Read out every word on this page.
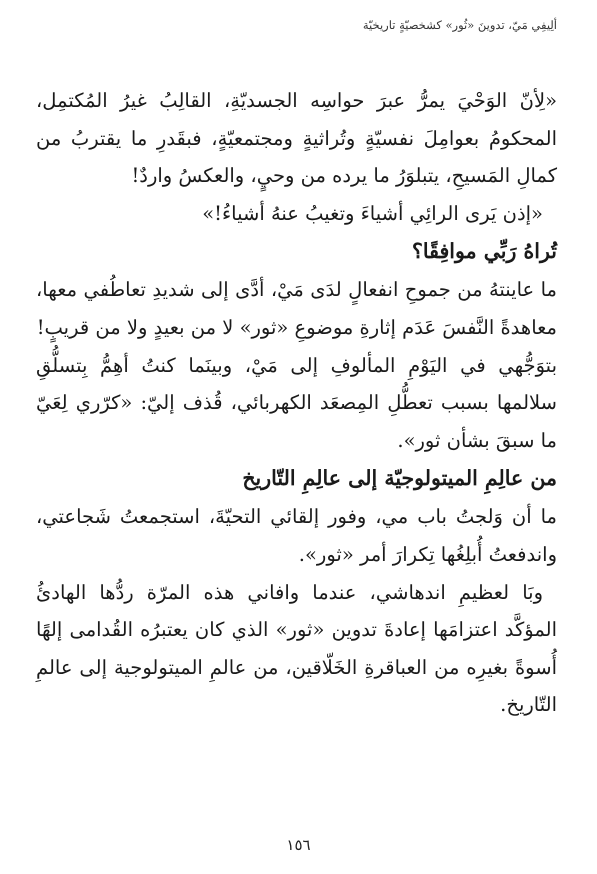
ألِيفِي مَيّ، تدوينَ «ثُور» كشخصيّةٍ تاريخيّة

«لِأنّ الوَحْيَ يمرُّ عبرَ حواسِه الجسديّةِ، القالِبُ غيرُ المُكتمِل، المحكومُ بعوامِلَ نفسيّةٍ وتُراثيةٍ ومجتمعيّةٍ، فبقَدرِ ما يقتربُ من كمالِ المَسيحِ، يتبلوَرُ ما يرده من وحيٍ، والعكسُ واردٌ!

«إذن يَرى الرائِي أشياءَ وتغيبُ عنهُ أشياءُ!»

تُراهُ رَبِّي موافِقًا؟

ما عاينتهُ من جموحِ انفعالٍ لدَى مَيْ، أدَّى إلى شديدِ تعاطُفي معها، معاهدةً النَّفسَ عَدَم إثارةِ موضوعِ «ثور» لا من بعيدٍ ولا من قريبٍ!

بتوَجُّهي في اليَوْمِ المألوفِ إلى مَيْ، وبينَما كنتُ أهِمُّ بِتسلُّقِ سلالمها بسبب تعطُّلِ المِصعَد الكهربائي، قُذف إليّ: «كرّري لِعَيّ ما سبقَ بشأن ثور».

من عالِمِ الميتولوجيّة إلى عالِمِ التّاريخ

ما أن وَلجتُ باب مي، وفور إلقائي التحيّةَ، استجمعتُ شَجاعتي، واندفعتُ أُبلِغُها تِكرارَ أمر «ثور».

وبَا لعظيمِ اندهاشي، عندما وافاني هذه المرّة ردُّها الهادئُ المؤكَّد اعتزامَها إعادةَ تدوين «ثور» الذي كان يعتبرُه القُدامى إلهًا أُسوةً بغيرِه من العباقرةِ الخَلّاقين، من عالمِ الميتولوجية إلى عالمِ التّاريخ.

١٥٦
